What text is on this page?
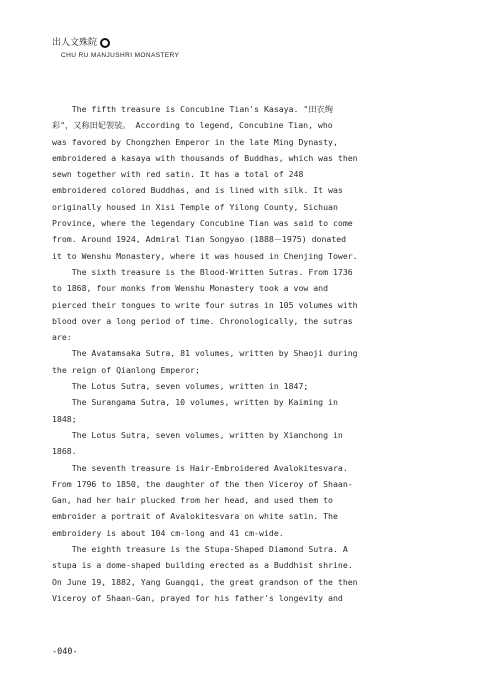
出人文殊院
CHU RU MANJUSHRI MONASTERY
The fifth treasure is Concubine Tian's Kasaya. "田衣绚
彩"，又称田妃袈裟。 According to legend, Concubine Tian, who
was favored by Chongzhen Emperor in the late Ming Dynasty,
embroidered a kasaya with thousands of Buddhas, which was then
sewn together with red satin. It has a total of 248
embroidered colored Buddhas, and is lined with silk. It was
originally housed in Xisi Temple of Yilong County, Sichuan
Province, where the legendary Concubine Tian was said to come
from. Around 1924, Admiral Tian Songyao (1888－1975) donated
it to Wenshu Monastery, where it was housed in Chenjing Tower.
The sixth treasure is the Blood-Written Sutras. From 1736
to 1868, four monks from Wenshu Monastery took a vow and
pierced their tongues to write four sutras in 105 volumes with
blood over a long period of time. Chronologically, the sutras
are:
The Avatamsaka Sutra, 81 volumes, written by Shaoji during
the reign of Qianlong Emperor;
The Lotus Sutra, seven volumes, written in 1847;
The Surangama Sutra, 10 volumes, written by Kaiming in
1848;
The Lotus Sutra, seven volumes, written by Xianchong in
1868.
The seventh treasure is Hair-Embroidered Avalokitesvara.
From 1796 to 1850, the daughter of the then Viceroy of Shaan-
Gan, had her hair plucked from her head, and used them to
embroider a portrait of Avalokitesvara on white satin. The
embroidery is about 104 cm-long and 41 cm-wide.
The eighth treasure is the Stupa-Shaped Diamond Sutra. A
stupa is a dome-shaped building erected as a Buddhist shrine.
On June 19, 1882, Yang Guangqi, the great grandson of the then
Viceroy of Shaan-Gan, prayed for his father's longevity and
-040-
